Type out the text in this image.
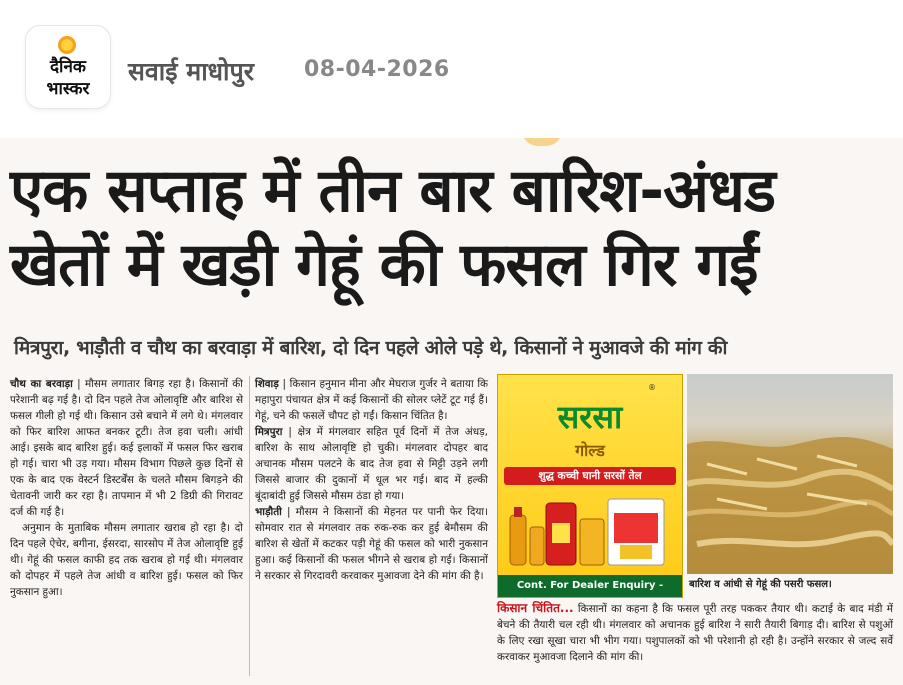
दैनिक
भास्कर
सवाई माधोपुर 08-04-2026
एक सप्ताह में तीन बार बारिश-अंधड
खेतों में खड़ी गेहूं की फसल गिर गईं
मित्रपुरा, भाड़ौती व चौथ का बरवाड़ा में बारिश, दो दिन पहले ओले पड़े थे, किसानों ने मुआवजे की मांग की

चौथ का बरवाड़ा | मौसम लगातार बिगड़ रहा है। किसानों की परेशानी बढ़ गई है। दो दिन पहले तेज ओलावृष्टि और बारिश से फसल गीली हो गई थी। किसान उसे बचाने में लगे थे। मंगलवार को फिर बारिश आफत बनकर टूटी। तेज हवा चली। आंधी आई। इसके बाद बारिश हुई। कई इलाकों में फसल फिर खराब हो गई। चारा भी उड़ गया। मौसम विभाग पिछले कुछ दिनों से एक के बाद एक वेस्टर्न डिस्टर्बेंस के चलते मौसम बिगड़ने की चेतावनी जारी कर रहा है। तापमान में भी 2 डिग्री की गिरावट दर्ज की गई है।

अनुमान के मुताबिक मौसम लगातार खराब हो रहा है। दो दिन पहले ऐचेर, बगीना, ईसरदा, सारसोप में तेज ओलावृष्टि हुई थी। गेहूं की फसल काफी हद तक खराब हो गई थी। मंगलवार को दोपहर में पहले तेज आंधी व बारिश हुई। फसल को फिर नुकसान हुआ।

शिवाड़ | किसान हनुमान मीना और मेघराज गुर्जर ने बताया कि महापुरा पंचायत क्षेत्र में कई किसानों की सोलर प्लेटें टूट गई हैं। गेहूं, चने की फसलें चौपट हो गईं। किसान चिंतित है।

मित्रपुरा | क्षेत्र में मंगलवार सहित पूर्व दिनों में तेज अंधड़, बारिश के साथ ओलावृष्टि हो चुकी। मंगलवार दोपहर बाद अचानक मौसम पलटने के बाद तेज हवा से मिट्टी उड़ने लगी जिससे बाजार की दुकानों में धूल भर गई। बाद में हल्की बूंदाबांदी हुई जिससे मौसम ठंडा हो गया।

भाड़ौती | मौसम ने किसानों की मेहनत पर पानी फेर दिया। सोमवार रात से मंगलवार तक रुक-रुक कर हुई बेमौसम की बारिश से खेतों में कटकर पड़ी गेहूं की फसल को भारी नुकसान हुआ। कई किसानों की फसल भीगने से खराब हो गई। किसानों ने सरकार से गिरदावरी करवाकर मुआवजा देने की मांग की है।

®
सरसा
गोल्ड
शुद्ध कच्ची घानी सरसों तेल
Cont. For Dealer Enquiry -	बारिश व आंधी से गेहूं की पसरी फसल।
किसान चिंतित... किसानों का कहना है कि फसल पूरी तरह पककर तैयार थी। कटाई के बाद मंडी में बेचने की तैयारी चल रही थी। मंगलवार को अचानक हुई बारिश ने सारी तैयारी बिगाड़ दी। बारिश से पशुओं के लिए रखा सूखा चारा भी भीग गया। पशुपालकों को भी परेशानी हो रही है। उन्होंने सरकार से जल्द सर्वे करवाकर मुआवजा दिलाने की मांग की।
